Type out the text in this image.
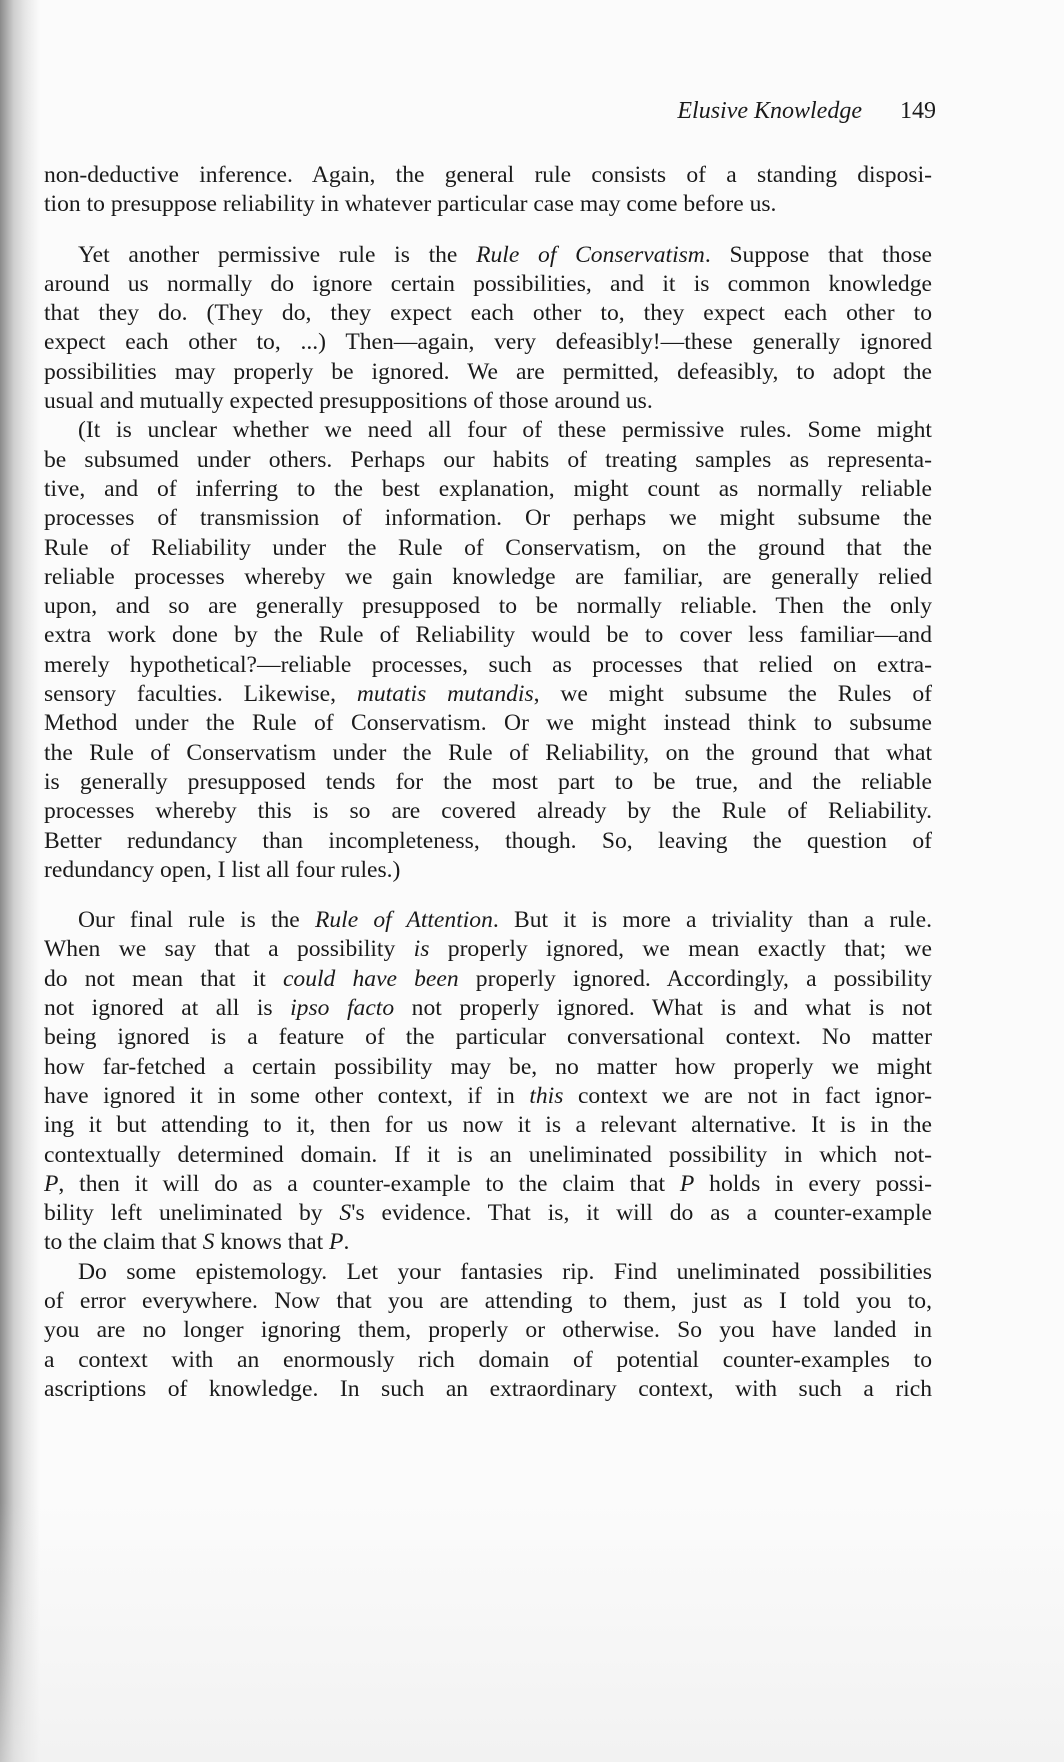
Elusive Knowledge 149
non-deductive inference. Again, the general rule consists of a standing disposi-
tion to presuppose reliability in whatever particular case may come before us.
Yet another permissive rule is the Rule of Conservatism. Suppose that those
around us normally do ignore certain possibilities, and it is common knowledge
that they do. (They do, they expect each other to, they expect each other to
expect each other to, ...) Then—again, very defeasibly!—these generally ignored
possibilities may properly be ignored. We are permitted, defeasibly, to adopt the
usual and mutually expected presuppositions of those around us.
(It is unclear whether we need all four of these permissive rules. Some might
be subsumed under others. Perhaps our habits of treating samples as representa-
tive, and of inferring to the best explanation, might count as normally reliable
processes of transmission of information. Or perhaps we might subsume the
Rule of Reliability under the Rule of Conservatism, on the ground that the
reliable processes whereby we gain knowledge are familiar, are generally relied
upon, and so are generally presupposed to be normally reliable. Then the only
extra work done by the Rule of Reliability would be to cover less familiar—and
merely hypothetical?—reliable processes, such as processes that relied on extra-
sensory faculties. Likewise, mutatis mutandis, we might subsume the Rules of
Method under the Rule of Conservatism. Or we might instead think to subsume
the Rule of Conservatism under the Rule of Reliability, on the ground that what
is generally presupposed tends for the most part to be true, and the reliable
processes whereby this is so are covered already by the Rule of Reliability.
Better redundancy than incompleteness, though. So, leaving the question of
redundancy open, I list all four rules.)
Our final rule is the Rule of Attention. But it is more a triviality than a rule.
When we say that a possibility is properly ignored, we mean exactly that; we
do not mean that it could have been properly ignored. Accordingly, a possibility
not ignored at all is ipso facto not properly ignored. What is and what is not
being ignored is a feature of the particular conversational context. No matter
how far-fetched a certain possibility may be, no matter how properly we might
have ignored it in some other context, if in this context we are not in fact ignor-
ing it but attending to it, then for us now it is a relevant alternative. It is in the
contextually determined domain. If it is an uneliminated possibility in which not-
P, then it will do as a counter-example to the claim that P holds in every possi-
bility left uneliminated by S's evidence. That is, it will do as a counter-example
to the claim that S knows that P.
Do some epistemology. Let your fantasies rip. Find uneliminated possibilities
of error everywhere. Now that you are attending to them, just as I told you to,
you are no longer ignoring them, properly or otherwise. So you have landed in
a context with an enormously rich domain of potential counter-examples to
ascriptions of knowledge. In such an extraordinary context, with such a rich
